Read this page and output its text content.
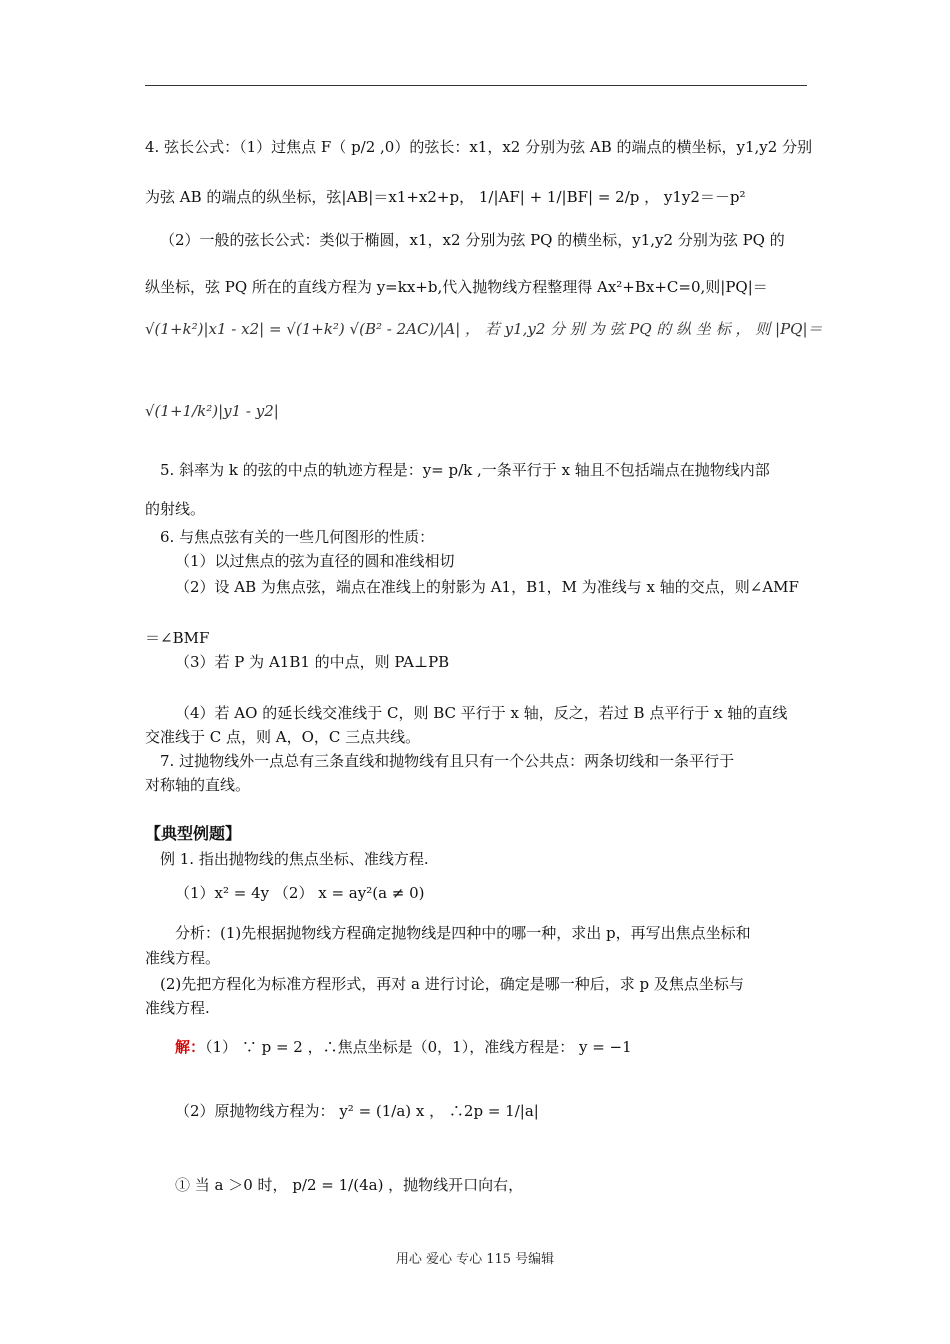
4. 弦长公式：（1）过焦点 F（ p/2 ,0）的弦长：x1，x2 分别为弦 AB 的端点的横坐标，y1,y2 分别
为弦 AB 的端点的纵坐标，弦|AB|＝x1+x2+p， 1/|AF| + 1/|BF| = 2/p ， y1y2＝－p²
（2）一般的弦长公式：类似于椭圆，x1，x2 分别为弦 PQ 的横坐标，y1,y2 分别为弦 PQ 的
纵坐标，弦 PQ 所在的直线方程为 y=kx+b,代入抛物线方程整理得 Ax²+Bx+C=0,则|PQ|＝
√(1+k²)|x1 - x2| = √(1+k²) √(B² - 2AC)/|A| ， 若 y1,y2 分 别 为 弦 PQ 的 纵 坐 标 ， 则 |PQ|＝
√(1+1/k²)|y1 - y2|
5. 斜率为 k 的弦的中点的轨迹方程是：y= p/k ,一条平行于 x 轴且不包括端点在抛物线内部
的射线。
6. 与焦点弦有关的一些几何图形的性质：
（1）以过焦点的弦为直径的圆和准线相切
（2）设 AB 为焦点弦，端点在准线上的射影为 A1，B1，M 为准线与 x 轴的交点，则∠AMF
＝∠BMF
（3）若 P 为 A1B1 的中点，则 PA⊥PB
（4）若 AO 的延长线交准线于 C，则 BC 平行于 x 轴，反之，若过 B 点平行于 x 轴的直线
交准线于 C 点，则 A，O，C 三点共线。
7. 过抛物线外一点总有三条直线和抛物线有且只有一个公共点：两条切线和一条平行于
对称轴的直线。
【典型例题】
例 1. 指出抛物线的焦点坐标、准线方程.
（1）x² = 4y （2） x = ay²(a ≠ 0)
分析：(1)先根据抛物线方程确定抛物线是四种中的哪一种，求出 p，再写出焦点坐标和
准线方程。
(2)先把方程化为标准方程形式，再对 a 进行讨论，确定是哪一种后，求 p 及焦点坐标与
准线方程.
解：（1） ∵ p = 2 ，∴焦点坐标是（0，1），准线方程是： y = −1
（2）原抛物线方程为： y² = (1/a) x ， ∴2p = 1/|a|
① 当 a ＞0 时， p/2 = 1/(4a) ，抛物线开口向右，
用心 爱心 专心 115 号编辑
